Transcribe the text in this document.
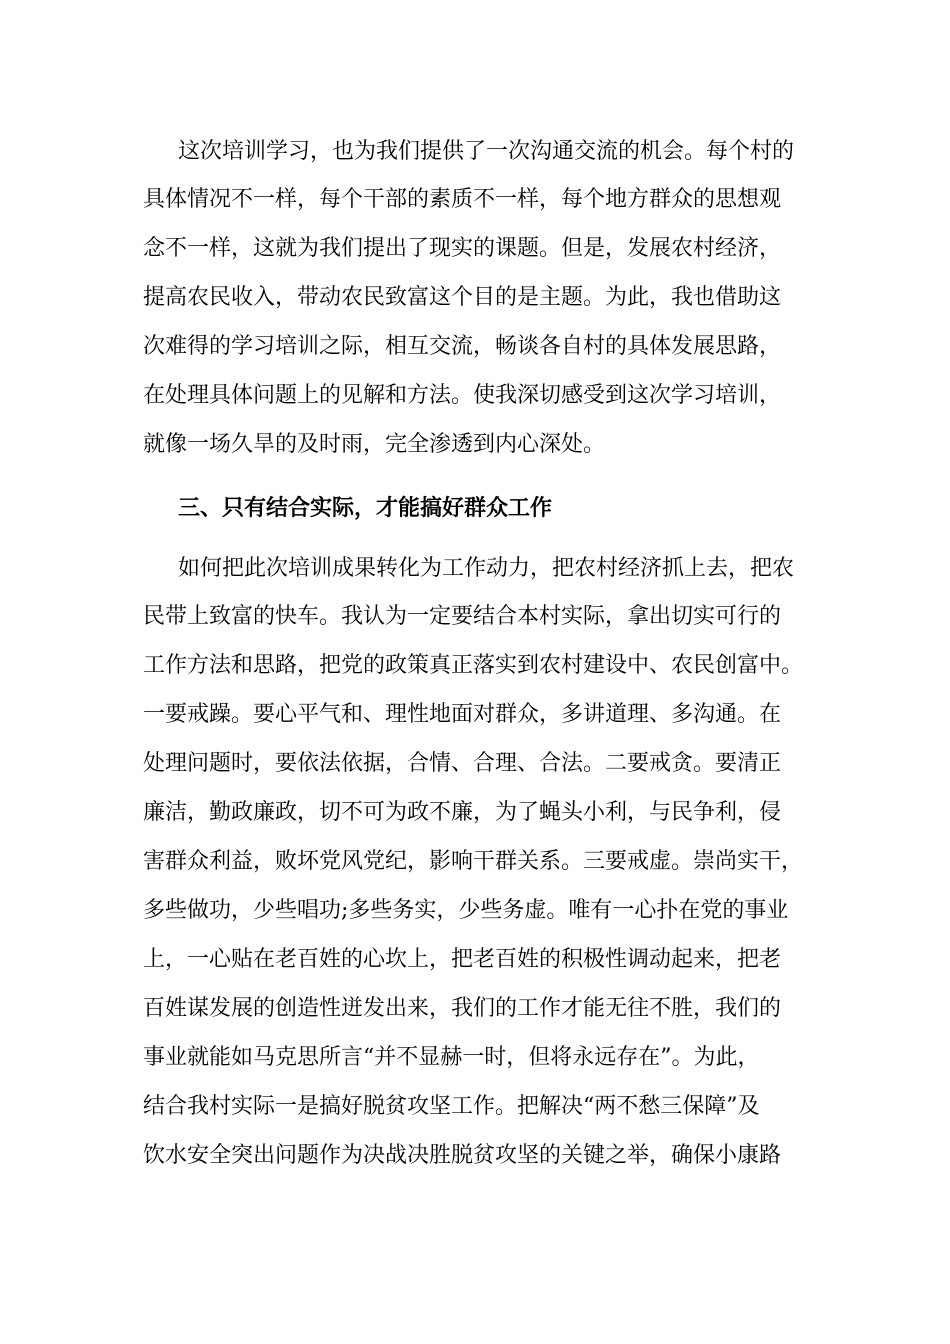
这次培训学习，也为我们提供了一次沟通交流的机会。每个村的
具体情况不一样，每个干部的素质不一样，每个地方群众的思想观
念不一样，这就为我们提出了现实的课题。但是，发展农村经济，
提高农民收入，带动农民致富这个目的是主题。为此，我也借助这
次难得的学习培训之际，相互交流，畅谈各自村的具体发展思路，
在处理具体问题上的见解和方法。使我深切感受到这次学习培训，
就像一场久旱的及时雨，完全渗透到内心深处。
三、只有结合实际，才能搞好群众工作
如何把此次培训成果转化为工作动力，把农村经济抓上去，把农
民带上致富的快车。我认为一定要结合本村实际，拿出切实可行的
工作方法和思路，把党的政策真正落实到农村建设中、农民创富中。
一要戒躁。要心平气和、理性地面对群众，多讲道理、多沟通。在
处理问题时，要依法依据，合情、合理、合法。二要戒贪。要清正
廉洁，勤政廉政，切不可为政不廉，为了蝇头小利，与民争利，侵
害群众利益，败坏党风党纪，影响干群关系。三要戒虚。崇尚实干，
多些做功，少些唱功;多些务实，少些务虚。唯有一心扑在党的事业
上，一心贴在老百姓的心坎上，把老百姓的积极性调动起来，把老
百姓谋发展的创造性迸发出来，我们的工作才能无往不胜，我们的
事业就能如马克思所言“并不显赫一时，但将永远存在”。为此，
结合我村实际一是搞好脱贫攻坚工作。把解决“两不愁三保障”及
饮水安全突出问题作为决战决胜脱贫攻坚的关键之举，确保小康路
